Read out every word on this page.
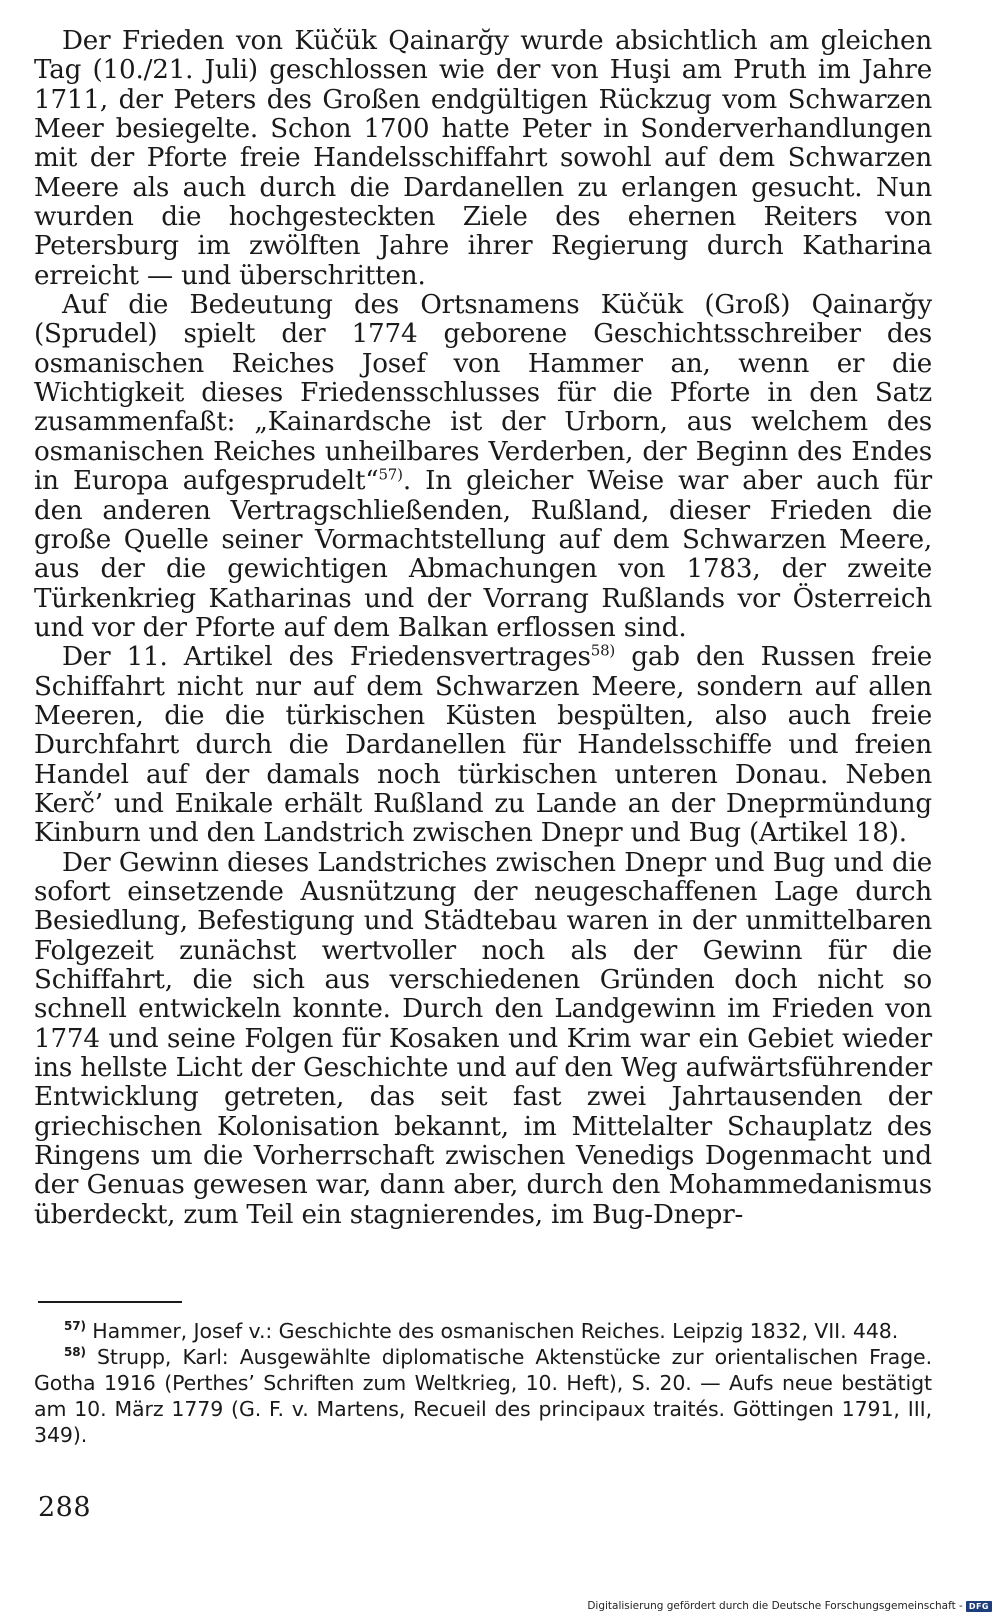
Der Frieden von Küčük Qainarğy wurde absichtlich am gleichen Tag (10./21. Juli) geschlossen wie der von Huşi am Pruth im Jahre 1711, der Peters des Großen endgültigen Rückzug vom Schwarzen Meer besiegelte. Schon 1700 hatte Peter in Sonderverhandlungen mit der Pforte freie Handelsschiffahrt sowohl auf dem Schwarzen Meere als auch durch die Dardanellen zu erlangen gesucht. Nun wurden die hochgesteckten Ziele des ehernen Reiters von Petersburg im zwölften Jahre ihrer Regierung durch Katharina erreicht — und überschritten.

Auf die Bedeutung des Ortsnamens Küčük (Groß) Qainarğy (Sprudel) spielt der 1774 geborene Geschichtsschreiber des osmanischen Reiches Josef von Hammer an, wenn er die Wichtigkeit dieses Friedensschlusses für die Pforte in den Satz zusammenfaßt: „Kainardsche ist der Urborn, aus welchem des osmanischen Reiches unheilbares Verderben, der Beginn des Endes in Europa aufgesprudelt“$^{57)}$. In gleicher Weise war aber auch für den anderen Vertragschließenden, Rußland, dieser Frieden die große Quelle seiner Vormachtstellung auf dem Schwarzen Meere, aus der die gewichtigen Abmachungen von 1783, der zweite Türkenkrieg Katharinas und der Vorrang Rußlands vor Österreich und vor der Pforte auf dem Balkan erflossen sind.

Der 11. Artikel des Friedensvertrages$^{58)}$ gab den Russen freie Schiffahrt nicht nur auf dem Schwarzen Meere, sondern auf allen Meeren, die die türkischen Küsten bespülten, also auch freie Durchfahrt durch die Dardanellen für Handelsschiffe und freien Handel auf der damals noch türkischen unteren Donau. Neben Kerč’ und Enikale erhält Rußland zu Lande an der Dneprmündung Kinburn und den Landstrich zwischen Dnepr und Bug (Artikel 18).

Der Gewinn dieses Landstriches zwischen Dnepr und Bug und die sofort einsetzende Ausnützung der neugeschaffenen Lage durch Besiedlung, Befestigung und Städtebau waren in der unmittelbaren Folgezeit zunächst wertvoller noch als der Gewinn für die Schiffahrt, die sich aus verschiedenen Gründen doch nicht so schnell entwickeln konnte. Durch den Landgewinn im Frieden von 1774 und seine Folgen für Kosaken und Krim war ein Gebiet wieder ins hellste Licht der Geschichte und auf den Weg aufwärtsführender Entwicklung getreten, das seit fast zwei Jahrtausenden der griechischen Kolonisation bekannt, im Mittelalter Schauplatz des Ringens um die Vorherrschaft zwischen Venedigs Dogenmacht und der Genuas gewesen war, dann aber, durch den Mohammedanismus überdeckt, zum Teil ein stagnierendes, im Bug-Dnepr-

$^{57)}$ Hammer, Josef v.: Geschichte des osmanischen Reiches. Leipzig 1832, VII. 448.

$^{58)}$ Strupp, Karl: Ausgewählte diplomatische Aktenstücke zur orientalischen Frage. Gotha 1916 (Perthes’ Schriften zum Weltkrieg, 10. Heft), S. 20. — Aufs neue bestätigt am 10. März 1779 (G. F. v. Martens, Recueil des principaux traités. Göttingen 1791, III, 349).

288
Digitalisierung gefördert durch die Deutsche Forschungsgemeinschaft - DFG
